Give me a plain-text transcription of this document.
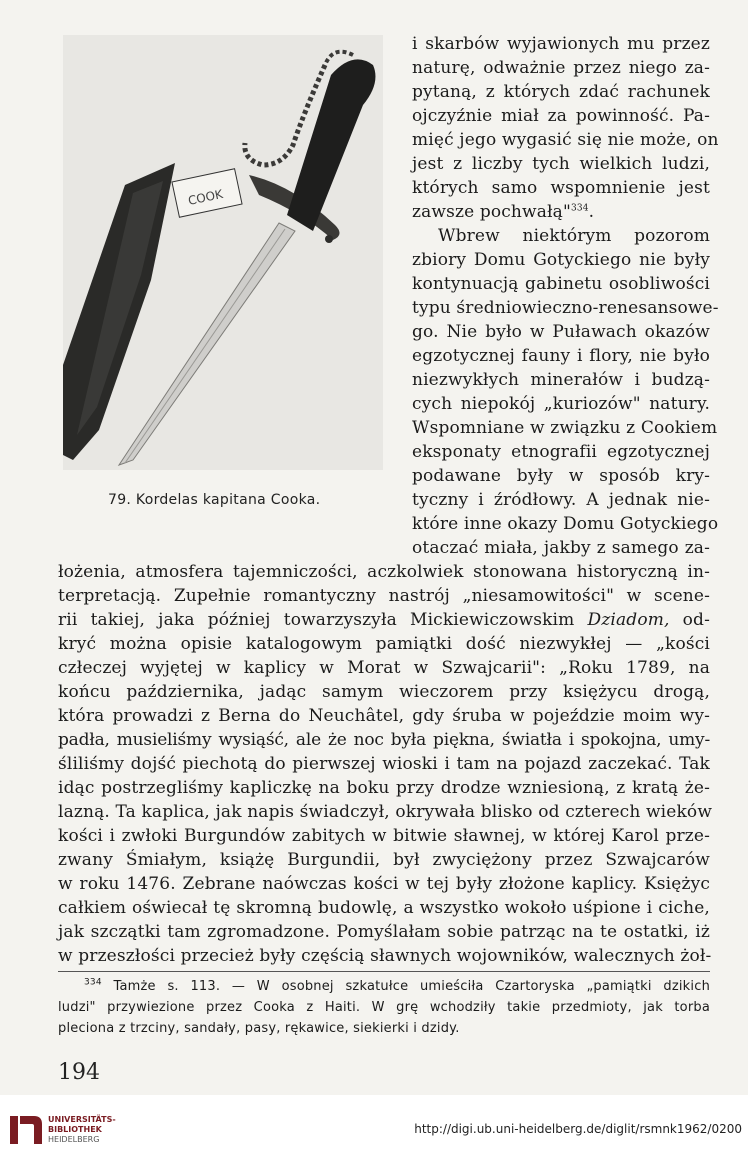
COOK
79. Kordelas kapitana Cooka.
i skarbów wyjawionych mu przez
naturę, odważnie przez niego za-
pytaną, z których zdać rachunek
ojczyźnie miał za powinność. Pa-
mięć jego wygasić się nie może, on
jest z liczby tych wielkich ludzi,
których samo wspomnienie jest
zawsze pochwałą"$^{334}$.
Wbrew niektórym pozorom
zbiory Domu Gotyckiego nie były
kontynuacją gabinetu osobliwości
typu średniowieczno-renesansowe-
go. Nie było w Puławach okazów
egzotycznej fauny i flory, nie było
niezwykłych minerałów i budzą-
cych niepokój „kuriozów" natury.
Wspomniane w związku z Cookiem
eksponaty etnografii egzotycznej
podawane były w sposób kry-
tyczny i źródłowy. A jednak nie-
które inne okazy Domu Gotyckiego
otaczać miała, jakby z samego za-
łożenia, atmosfera tajemniczości, aczkolwiek stonowana historyczną in-
terpretacją. Zupełnie romantyczny nastrój „niesamowitości" w scene-
rii takiej, jaka później towarzyszyła Mickiewiczowskim Dziadom, od-
kryć można opisie katalogowym pamiątki dość niezwykłej — „kości
człeczej wyjętej w kaplicy w Morat w Szwajcarii": „Roku 1789, na
końcu października, jadąc samym wieczorem przy księżycu drogą,
która prowadzi z Berna do Neuchâtel, gdy śruba w pojeździe moim wy-
padła, musieliśmy wysiąść, ale że noc była piękna, światła i spokojna, umy-
śliliśmy dojść piechotą do pierwszej wioski i tam na pojazd zaczekać. Tak
idąc postrzegliśmy kapliczkę na boku przy drodze wzniesioną, z kratą że-
lazną. Ta kaplica, jak napis świadczył, okrywała blisko od czterech wieków
kości i zwłoki Burgundów zabitych w bitwie sławnej, w której Karol prze-
zwany Śmiałym, książę Burgundii, był zwyciężony przez Szwajcarów
w roku 1476. Zebrane naówczas kości w tej były złożone kaplicy. Księżyc
całkiem oświecał tę skromną budowlę, a wszystko wokoło uśpione i ciche,
jak szczątki tam zgromadzone. Pomyślałam sobie patrząc na te ostatki, iż
w przeszłości przecież były częścią sławnych wojowników, walecznych żoł-
$^{334}$ Tamże s. 113. — W osobnej szkatułce umieściła Czartoryska „pamiątki dzikich
ludzi" przywiezione przez Cooka z Haiti. W grę wchodziły takie przedmioty, jak torba
pleciona z trzciny, sandały, pasy, rękawice, siekierki i dzidy.
194
UNIVERSITÄTS-
BIBLIOTHEK
HEIDELBERG
http://digi.ub.uni-heidelberg.de/diglit/rsmnk1962/0200
